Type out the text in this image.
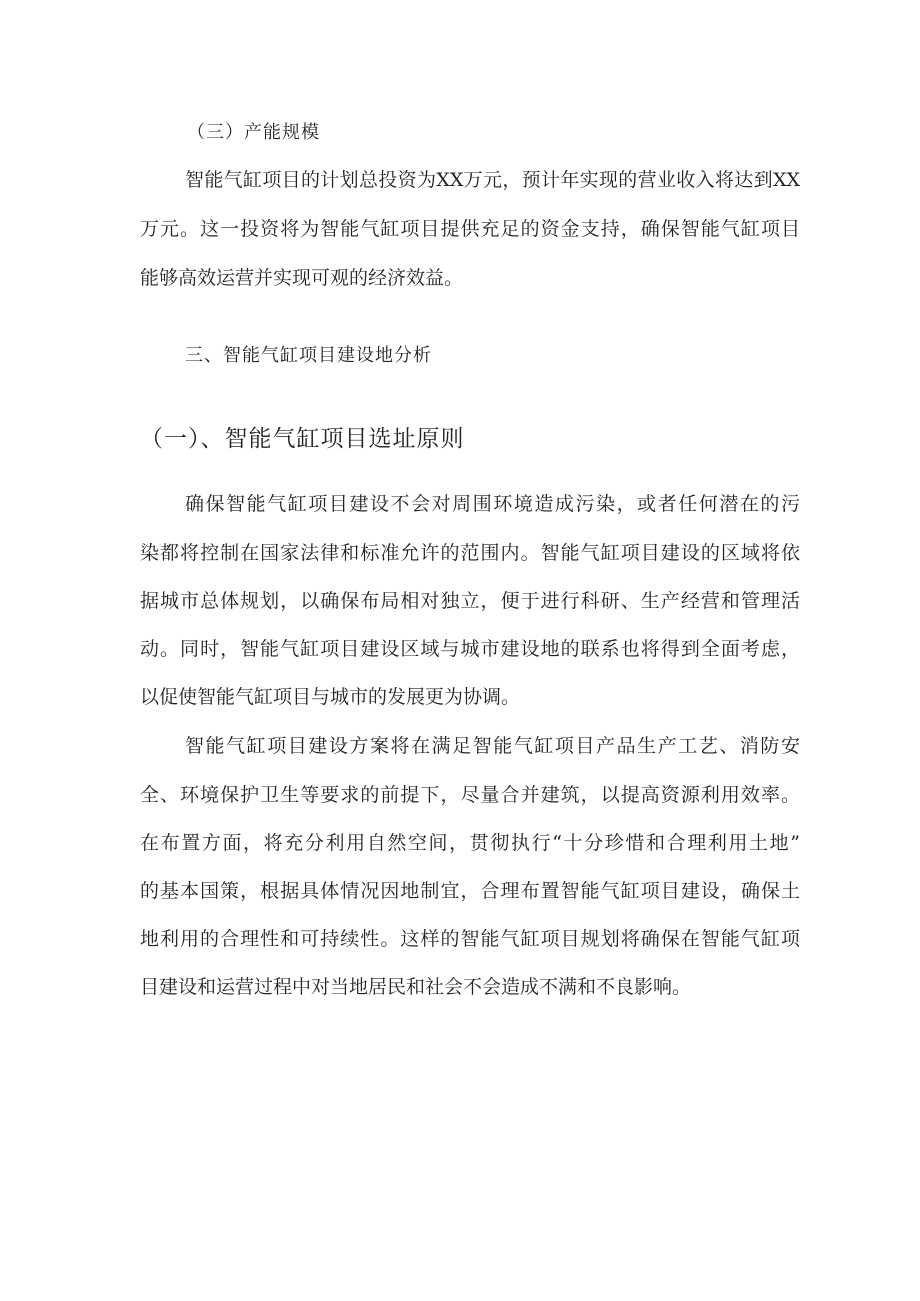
（三）产能规模
智能气缸项目的计划总投资为XX万元，预计年实现的营业收入将达到XX
万元。这一投资将为智能气缸项目提供充足的资金支持，确保智能气缸项目
能够高效运营并实现可观的经济效益。
三、智能气缸项目建设地分析
（一）、智能气缸项目选址原则
确保智能气缸项目建设不会对周围环境造成污染，或者任何潜在的污
染都将控制在国家法律和标准允许的范围内。智能气缸项目建设的区域将依
据城市总体规划，以确保布局相对独立，便于进行科研、生产经营和管理活
动。同时，智能气缸项目建设区域与城市建设地的联系也将得到全面考虑，
以促使智能气缸项目与城市的发展更为协调。
智能气缸项目建设方案将在满足智能气缸项目产品生产工艺、消防安
全、环境保护卫生等要求的前提下，尽量合并建筑，以提高资源利用效率。
在布置方面，将充分利用自然空间，贯彻执行“十分珍惜和合理利用土地”
的基本国策，根据具体情况因地制宜，合理布置智能气缸项目建设，确保土
地利用的合理性和可持续性。这样的智能气缸项目规划将确保在智能气缸项
目建设和运营过程中对当地居民和社会不会造成不满和不良影响。
